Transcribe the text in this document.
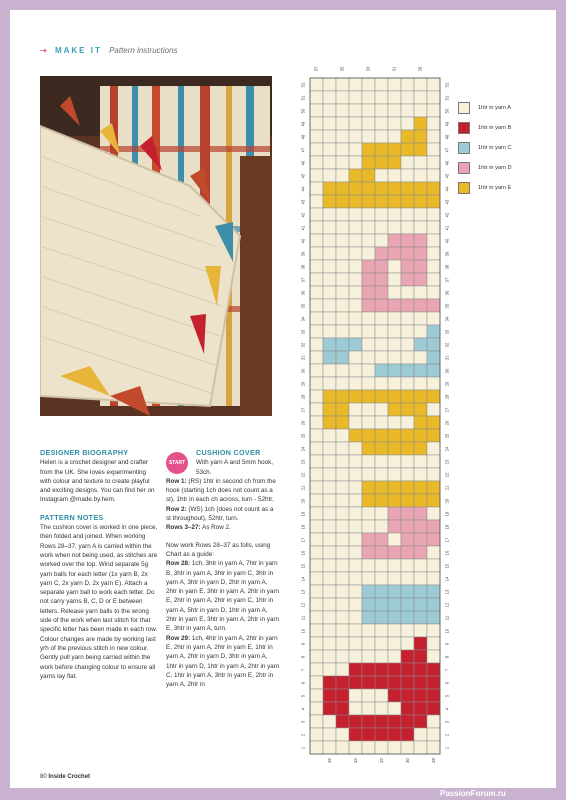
⇢ MAKE IT Pattern instructions
DESIGNER BIOGRAPHY

Helen is a crochet designer and crafter from the UK. She loves experimenting with colour and texture to create playful and exciting designs. You can find her on Instagram @made.by.hem.

PATTERN NOTES

The cushion cover is worked in one piece, then folded and joined. When working Rows 28–37, yarn A is carried within the work when not being used, as stitches are worked over the top. Wind separate 5g yarn balls for each letter (1x yarn B, 2x yarn C, 2x yarn D, 2x yarn E). Attach a separate yarn ball to work each letter. Do not carry yarns B, C, D or E between letters. Release yarn balls to the wrong side of the work when last stitch for that specific letter has been made in each row. Colour changes are made by working last yrh of the previous stitch in new colour. Gently pull yarn being carried within the work before changing colour to ensure all yarns lay flat.

START
CUSHION COVER

With yarn A and 5mm hook, 53ch.

Row 1: (RS) 1htr in second ch from the hook (starting 1ch does not count as a st), 1htr in each ch across, turn - 52htr.

Row 2: (WS) 1ch (does not count as a st throughout), 52htr, turn.

Rows 3–27: As Row 2.

Now work Rows 28–37 as folls, using Chart as a guide:

Row 28: 1ch, 3htr in yarn A, 7htr in yarn B, 3htr in yarn A, 3htr in yarn C, 3htr in yarn A, 3htr in yarn D, 2htr in yarn A, 2htr in yarn E, 3htr in yarn A, 2htr in yarn E, 2htr in yarn A, 2htr in yarn C, 1htr in yarn A, 5htr in yarn D, 1htr in yarn A, 2htr in yarn E, 3htr in yarn A, 2htr in yarn E, 3htr in yarn A, turn.

Row 29: 1ch, 4htr in yarn A, 2htr in yarn E, 2htr in yarn A, 2htr in yarn E, 1htr in yarn A, 2htr in yarn D, 3htr in yarn A, 1htr in yarn D, 1htr in yarn A, 2htr in yarn C, 1htr in yarn A, 3htr in yarn E, 2htr in yarn A, 2htr in

80 Inside Crochet
1	1
2	2
3	3
4	4
5	5
6	6
7	7
8	8
9	9
10	10
11	11
12	12
13	13
14	14
15	15
16	16
17	17
18	18
19	19
20	20
21	21
22	22
23	23
24	24
25	25
26	26
27	27
28	28
29	29
30	30
31	31
32	32
33	33
34	34
35	35
36	36
37	37
38	38
39	39
40	40
41	41
42	42
43	43
44	44
45	45
46	46
47	47
48	48
49	49
50	50
51	51
52	52
37	35	33	31	29
36	34	32	30	28
1htr in yarn A
1htr in yarn B
1htr in yarn C
1htr in yarn D
1htr in yarn E
PassionForum.ru
